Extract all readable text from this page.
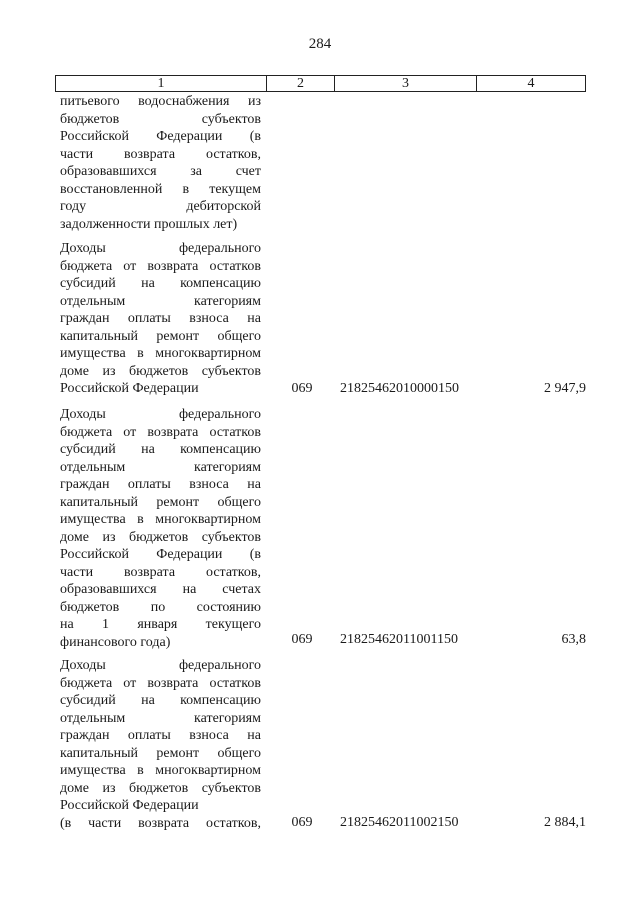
284
1	2	3	4
питьевого водоснабжения из
бюджетов субъектов
Российской Федерации (в
части возврата остатков,
образовавшихся за счет
восстановленной в текущем
году дебиторской
задолженности прошлых лет)
Доходы федерального
бюджета от возврата остатков
субсидий на компенсацию
отдельным категориям
граждан оплаты взноса на
капитальный ремонт общего
имущества в многоквартирном
доме из бюджетов субъектов
Российской Федерации	069	21825462010000150	2 947,9
Доходы федерального
бюджета от возврата остатков
субсидий на компенсацию
отдельным категориям
граждан оплаты взноса на
капитальный ремонт общего
имущества в многоквартирном
доме из бюджетов субъектов
Российской Федерации (в
части возврата остатков,
образовавшихся на счетах
бюджетов по состоянию
на 1 января текущего
финансового года)	069	21825462011001150	63,8
Доходы федерального
бюджета от возврата остатков
субсидий на компенсацию
отдельным категориям
граждан оплаты взноса на
капитальный ремонт общего
имущества в многоквартирном
доме из бюджетов субъектов
Российской Федерации
(в части возврата остатков,	069	21825462011002150	2 884,1
